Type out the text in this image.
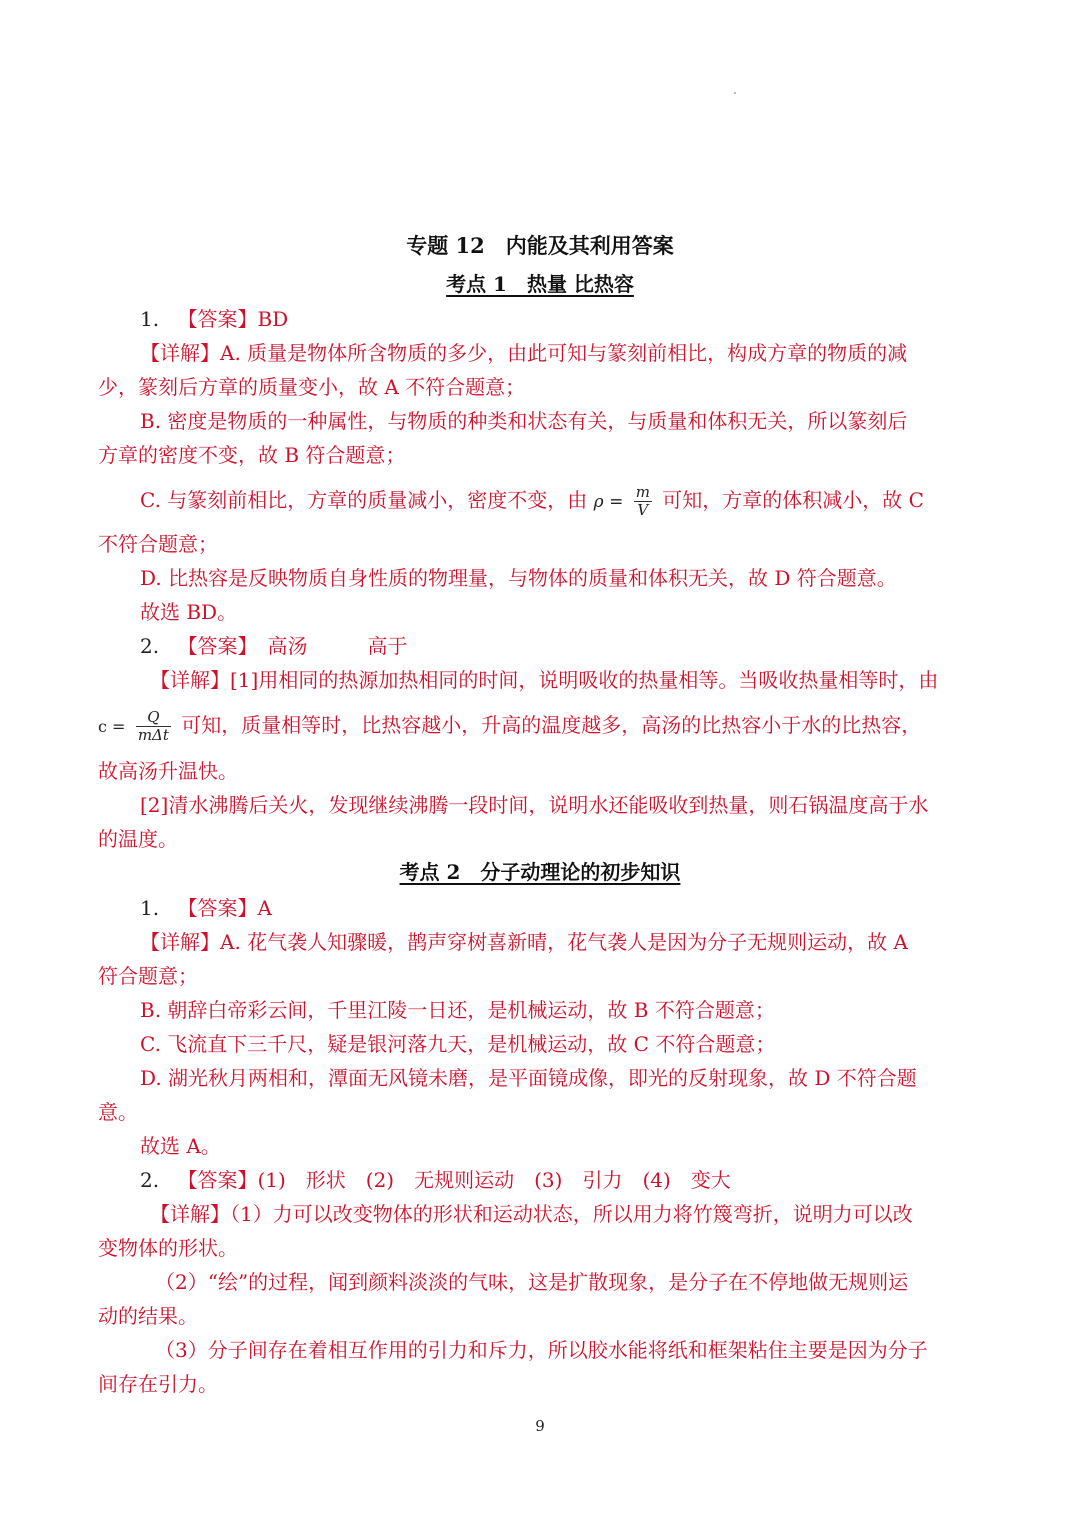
专题 12　内能及其利用答案
考点 1　热量 比热容
1. 【答案】BD
【详解】A. 质量是物体所含物质的多少，由此可知与篆刻前相比，构成方章的物质的减
少，篆刻后方章的质量变小，故 A 不符合题意；
B. 密度是物质的一种属性，与物质的种类和状态有关，与质量和体积无关，所以篆刻后
方章的密度不变，故 B 符合题意；
C. 与篆刻前相比，方章的质量减小，密度不变，由 $\rho = \frac{m}{V}$ 可知，方章的体积减小，故 C
不符合题意；
D. 比热容是反映物质自身性质的物理量，与物体的质量和体积无关，故 D 符合题意。
故选 BD。
2. 【答案】 高汤　　　高于
【详解】[1]用相同的热源加热相同的时间，说明吸收的热量相等。当吸收热量相等时，由
$c = \frac{Q}{\text{mΔt}}$ 可知，质量相等时，比热容越小，升高的温度越多，高汤的比热容小于水的比热容，
故高汤升温快。
[2]清水沸腾后关火，发现继续沸腾一段时间，说明水还能吸收到热量，则石锅温度高于水
的温度。
考点 2　分子动理论的初步知识
1. 【答案】A
【详解】A. 花气袭人知骤暖，鹊声穿树喜新晴，花气袭人是因为分子无规则运动，故 A
符合题意；
B. 朝辞白帝彩云间，千里江陵一日还，是机械运动，故 B 不符合题意；
C. 飞流直下三千尺，疑是银河落九天，是机械运动，故 C 不符合题意；
D. 湖光秋月两相和，潭面无风镜未磨，是平面镜成像，即光的反射现象，故 D 不符合题
意。
故选 A。
2. 【答案】(1)　形状　(2)　无规则运动　(3)　引力　(4)　变大
【详解】（1）力可以改变物体的形状和运动状态，所以用力将竹篾弯折，说明力可以改
变物体的形状。
（2）“绘”的过程，闻到颜料淡淡的气味，这是扩散现象，是分子在不停地做无规则运
动的结果。
（3）分子间存在着相互作用的引力和斥力，所以胶水能将纸和框架粘住主要是因为分子
间存在引力。
9
